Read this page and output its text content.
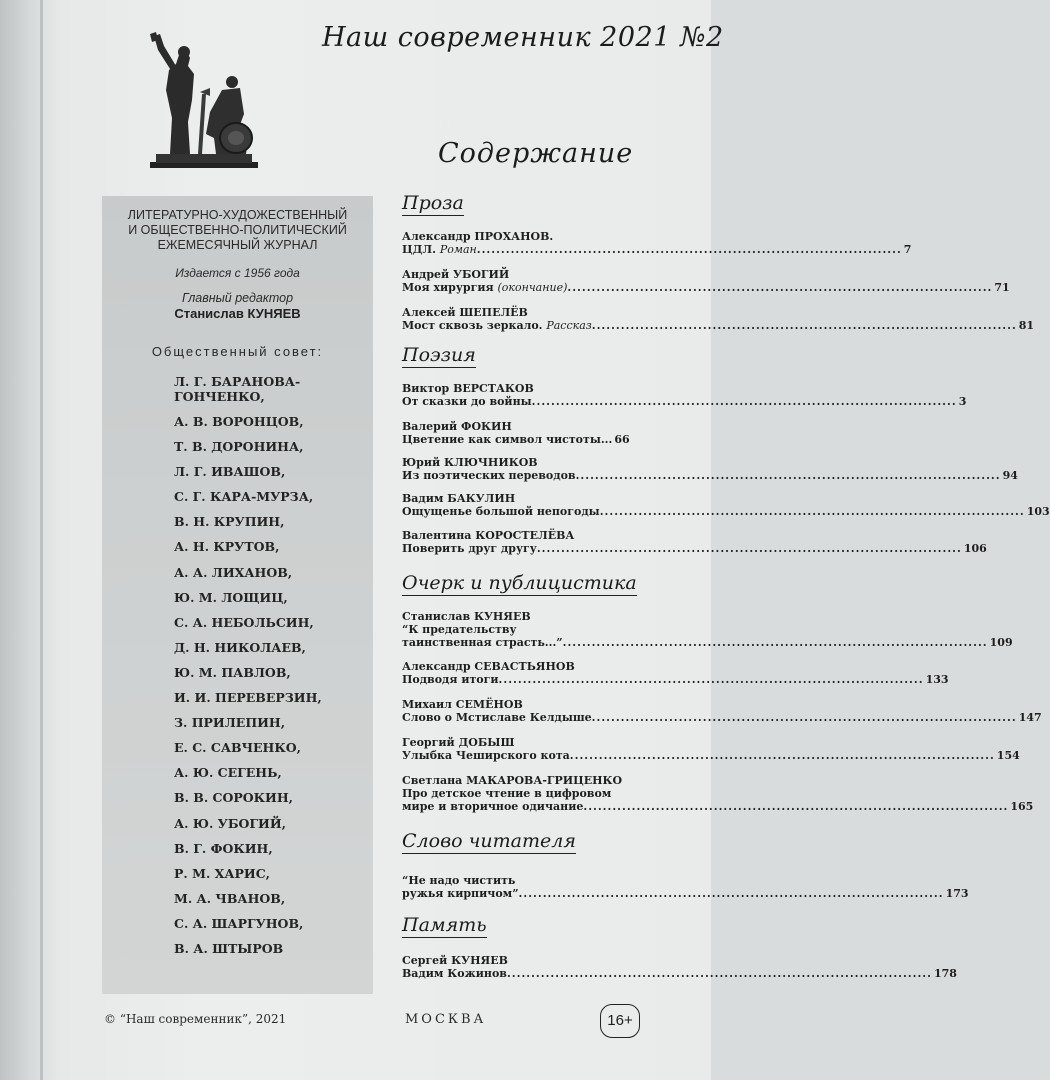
Наш современник 2021 №2
Содержание
ЛИТЕРАТУРНО-ХУДОЖЕСТВЕННЫЙ
И ОБЩЕСТВЕННО-ПОЛИТИЧЕСКИЙ
ЕЖЕМЕСЯЧНЫЙ ЖУРНАЛ
Издается с 1956 года
Главный редактор
Станислав КУНЯЕВ
Общественный совет:
Л. Г. БАРАНОВА-ГОНЧЕНКО,
А. В. ВОРОНЦОВ,
Т. В. ДОРОНИНА,
Л. Г. ИВАШОВ,
С. Г. КАРА-МУРЗА,
В. Н. КРУПИН,
А. Н. КРУТОВ,
А. А. ЛИХАНОВ,
Ю. М. ЛОЩИЦ,
С. А. НЕБОЛЬСИН,
Д. Н. НИКОЛАЕВ,
Ю. М. ПАВЛОВ,
И. И. ПЕРЕВЕРЗИН,
З. ПРИЛЕПИН,
Е. С. САВЧЕНКО,
А. Ю. СЕГЕНЬ,
В. В. СОРОКИН,
А. Ю. УБОГИЙ,
В. Г. ФОКИН,
Р. М. ХАРИС,
М. А. ЧВАНОВ,
С. А. ШАРГУНОВ,
В. А. ШТЫРОВ
Проза
Александр ПРОХАНОВ.
ЦДЛ. Роман .....	7
Андрей УБОГИЙ
Моя хирургия (окончание) .....	71
Алексей ШЕПЕЛЁВ
Мост сквозь зеркало. Рассказ .....	81
Поэзия
Виктор ВЕРСТАКОВ
От сказки до войны .....	3
Валерий ФОКИН
Цветение как символ чистоты... 66
Юрий КЛЮЧНИКОВ
Из поэтических переводов .....	94
Вадим БАКУЛИН
Ощущенье большой непогоды .....	103
Валентина КОРОСТЕЛЁВА
Поверить друг другу .....	106
Очерк и публицистика
Станислав КУНЯЕВ
“К предательству
таинственная страсть...” .....	109
Александр СЕВАСТЬЯНОВ
Подводя итоги .....	133
Михаил СЕМЁНОВ
Слово о Мстиславе Келдыше .....	147
Георгий ДОБЫШ
Улыбка Чеширского кота .....	154
Светлана МАКАРОВА-ГРИЦЕНКО
Про детское чтение в цифровом
мире и вторичное одичание .....	165
Слово читателя
“Не надо чистить
ружья кирпичом” .....	173
Память
Сергей КУНЯЕВ
Вадим Кожинов .....	178
© “Наш современник”, 2021	МОСКВА	16+
